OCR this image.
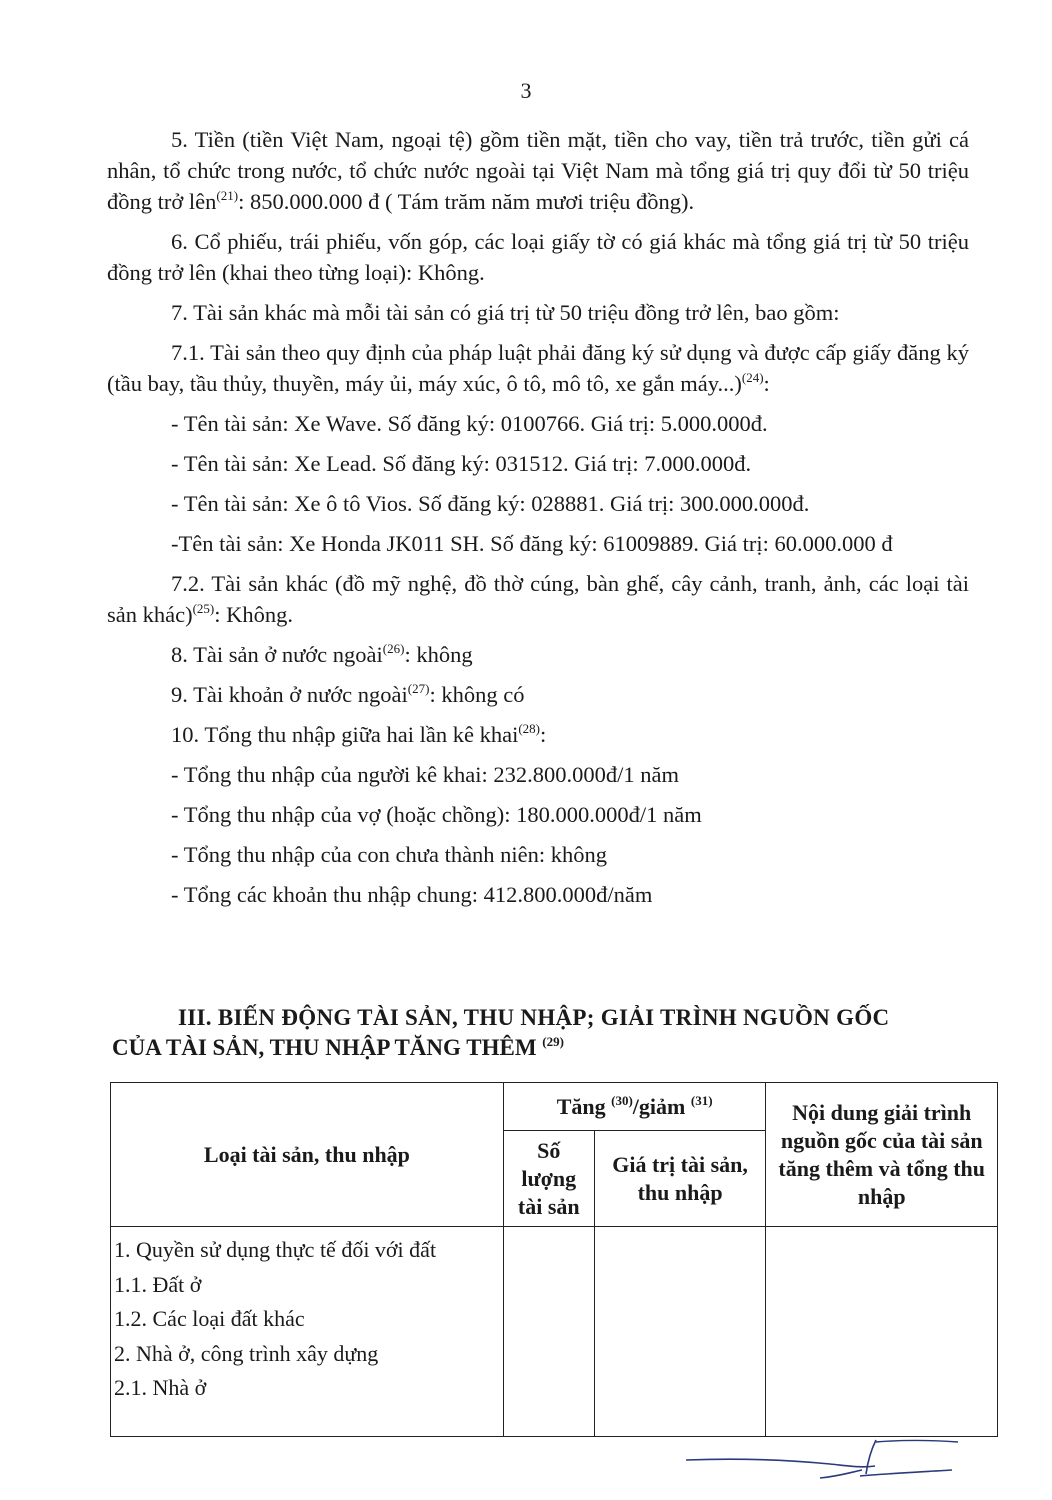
3

5. Tiền (tiền Việt Nam, ngoại tệ) gồm tiền mặt, tiền cho vay, tiền trả trước, tiền gửi cá nhân, tổ chức trong nước, tổ chức nước ngoài tại Việt Nam mà tổng giá trị quy đổi từ 50 triệu đồng trở lên$^{(21)}$: 850.000.000 đ ( Tám trăm năm mươi triệu đồng).

6. Cổ phiếu, trái phiếu, vốn góp, các loại giấy tờ có giá khác mà tổng giá trị từ 50 triệu đồng trở lên (khai theo từng loại): Không.

7. Tài sản khác mà mỗi tài sản có giá trị từ 50 triệu đồng trở lên, bao gồm:

7.1. Tài sản theo quy định của pháp luật phải đăng ký sử dụng và được cấp giấy đăng ký (tầu bay, tầu thủy, thuyền, máy ủi, máy xúc, ô tô, mô tô, xe gắn máy...)$^{(24)}$:

- Tên tài sản: Xe Wave. Số đăng ký: 0100766. Giá trị: 5.000.000đ.

- Tên tài sản: Xe Lead. Số đăng ký: 031512. Giá trị: 7.000.000đ.

- Tên tài sản: Xe ô tô Vios. Số đăng ký: 028881. Giá trị: 300.000.000đ.

-Tên tài sản: Xe Honda JK011 SH. Số đăng ký: 61009889. Giá trị: 60.000.000 đ

7.2. Tài sản khác (đồ mỹ nghệ, đồ thờ cúng, bàn ghế, cây cảnh, tranh, ảnh, các loại tài sản khác)$^{(25)}$: Không.

8. Tài sản ở nước ngoài$^{(26)}$: không

9. Tài khoản ở nước ngoài$^{(27)}$: không có

10. Tổng thu nhập giữa hai lần kê khai$^{(28)}$:

- Tổng thu nhập của người kê khai: 232.800.000đ/1 năm

- Tổng thu nhập của vợ (hoặc chồng): 180.000.000đ/1 năm

- Tổng thu nhập của con chưa thành niên: không

- Tổng các khoản thu nhập chung: 412.800.000đ/năm

III. BIẾN ĐỘNG TÀI SẢN, THU NHẬP; GIẢI TRÌNH NGUỒN GỐC
CỦA TÀI SẢN, THU NHẬP TĂNG THÊM $^{(29)}$
Loại tài sản, thu nhập	Tăng $^{(30)}$/giảm $^{(31)}$		Nội dung giải trình nguồn gốc của tài sản tăng thêm và tổng thu nhập
	Số lượng tài sản	Giá trị tài sản, thu nhập	

1. Quyền sử dụng thực tế đối với đất
1.1. Đất ở
1.2. Các loại đất khác
2. Nhà ở, công trình xây dựng
2.1. Nhà ở			
